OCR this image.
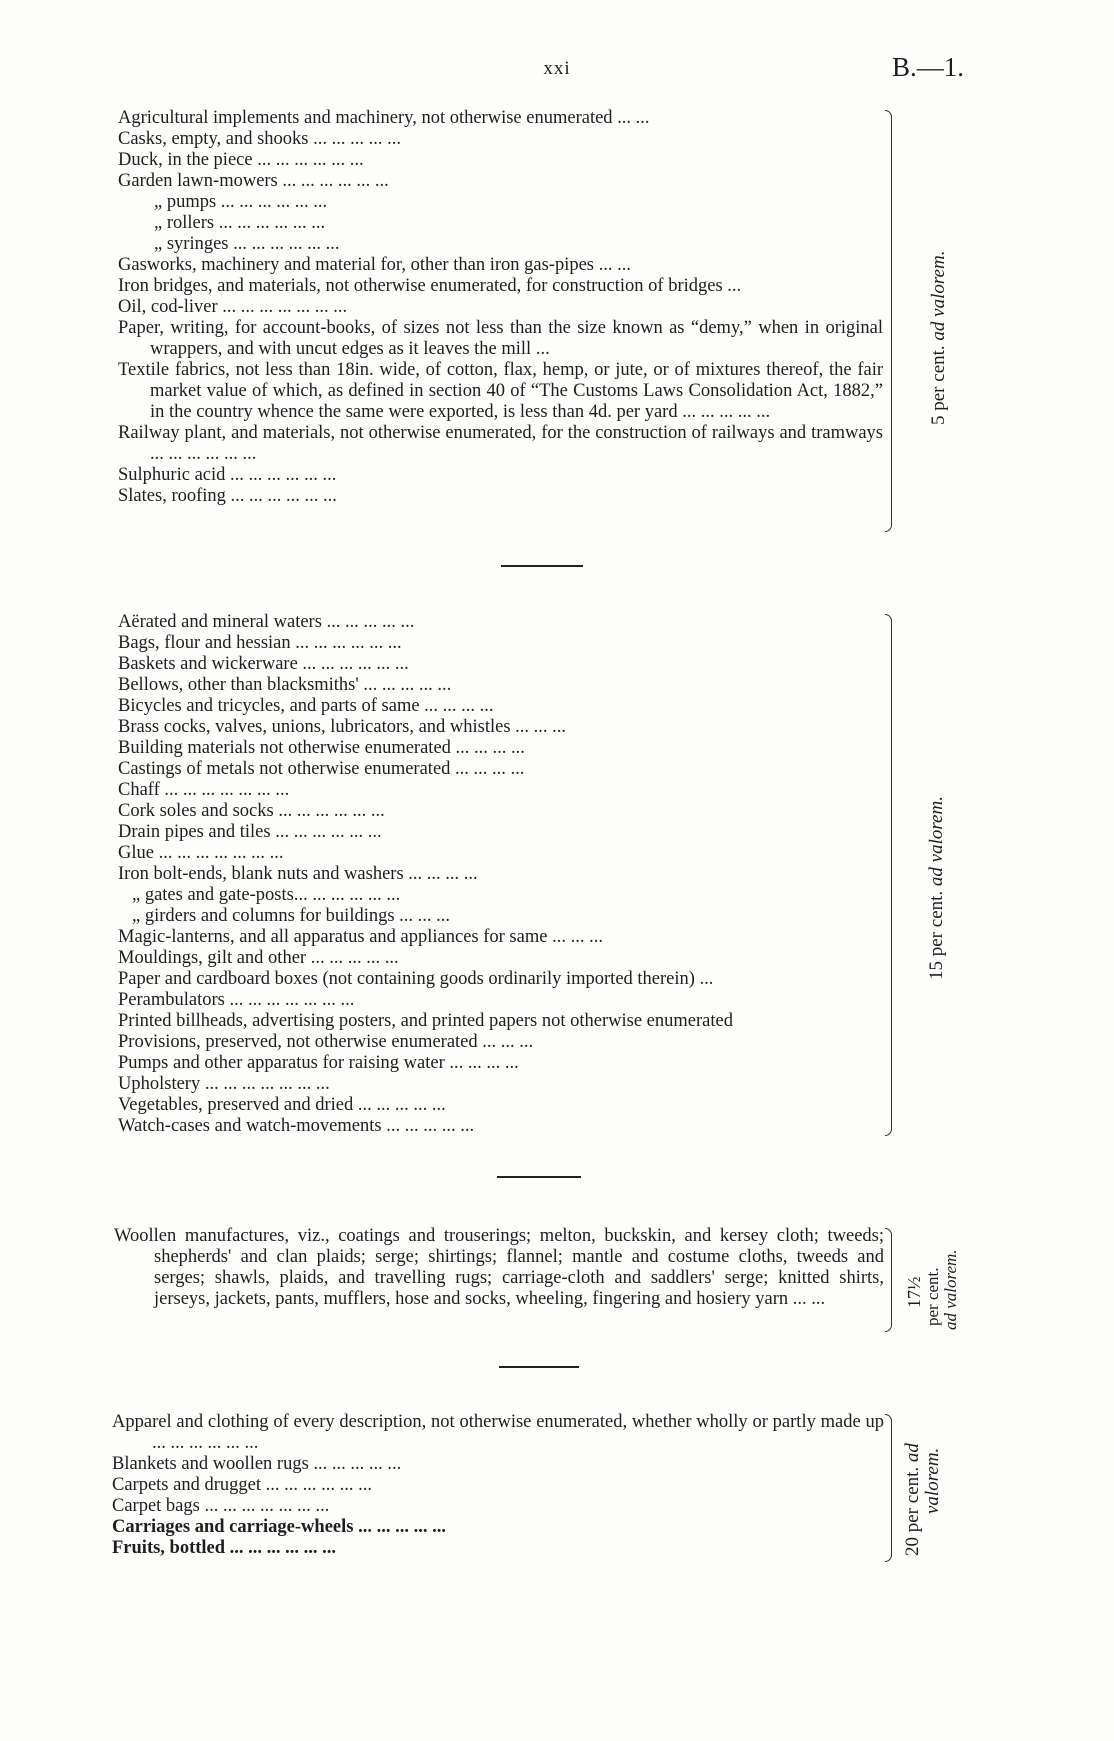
xxi	B.—1.
Agricultural implements and machinery, not otherwise enumerated ... ...
Casks, empty, and shooks ... ... ... ... ...
Duck, in the piece ... ... ... ... ... ...
Garden lawn-mowers ... ... ... ... ... ...
„ pumps ... ... ... ... ... ...
„ rollers ... ... ... ... ... ...
„ syringes ... ... ... ... ... ...
Gasworks, machinery and material for, other than iron gas-pipes ... ...
Iron bridges, and materials, not otherwise enumerated, for construction of bridges ...
Oil, cod-liver ... ... ... ... ... ... ...
Paper, writing, for account-books, of sizes not less than the size known as “demy,” when in original wrappers, and with uncut edges as it leaves the mill ...
Textile fabrics, not less than 18in. wide, of cotton, flax, hemp, or jute, or of mixtures thereof, the fair market value of which, as defined in section 40 of “The Customs Laws Consolidation Act, 1882,” in the country whence the same were exported, is less than 4d. per yard ... ... ... ... ...
Railway plant, and materials, not otherwise enumerated, for the construction of railways and tramways ... ... ... ... ... ...
Sulphuric acid ... ... ... ... ... ...
Slates, roofing ... ... ... ... ... ...
5 per cent. ad valorem.
Aërated and mineral waters ... ... ... ... ...
Bags, flour and hessian ... ... ... ... ... ...
Baskets and wickerware ... ... ... ... ... ...
Bellows, other than blacksmiths' ... ... ... ... ...
Bicycles and tricycles, and parts of same ... ... ... ...
Brass cocks, valves, unions, lubricators, and whistles ... ... ...
Building materials not otherwise enumerated ... ... ... ...
Castings of metals not otherwise enumerated ... ... ... ...
Chaff ... ... ... ... ... ... ...
Cork soles and socks ... ... ... ... ... ...
Drain pipes and tiles ... ... ... ... ... ...
Glue ... ... ... ... ... ... ...
Iron bolt-ends, blank nuts and washers ... ... ... ...
„ gates and gate-posts... ... ... ... ... ...
„ girders and columns for buildings ... ... ...
Magic-lanterns, and all apparatus and appliances for same ... ... ...
Mouldings, gilt and other ... ... ... ... ...
Paper and cardboard boxes (not containing goods ordinarily imported therein) ...
Perambulators ... ... ... ... ... ... ...
Printed billheads, advertising posters, and printed papers not otherwise enumerated
Provisions, preserved, not otherwise enumerated ... ... ...
Pumps and other apparatus for raising water ... ... ... ...
Upholstery ... ... ... ... ... ... ...
Vegetables, preserved and dried ... ... ... ... ...
Watch-cases and watch-movements ... ... ... ... ...
15 per cent. ad valorem.
Woollen manufactures, viz., coatings and trouserings; melton, buckskin, and kersey cloth; tweeds; shepherds' and clan plaids; serge; shirtings; flannel; mantle and costume cloths, tweeds and serges; shawls, plaids, and travelling rugs; carriage-cloth and saddlers' serge; knitted shirts, jerseys, jackets, pants, mufflers, hose and socks, wheeling, fingering and hosiery yarn ... ...	17½ per cent. ad valorem.
Apparel and clothing of every description, not otherwise enumerated, whether wholly or partly made up ... ... ... ... ... ...
Blankets and woollen rugs ... ... ... ... ...
Carpets and drugget ... ... ... ... ... ...
Carpet bags ... ... ... ... ... ... ...
Carriages and carriage-wheels ... ... ... ... ...
Fruits, bottled ... ... ... ... ... ...	20 per cent. ad valorem.
